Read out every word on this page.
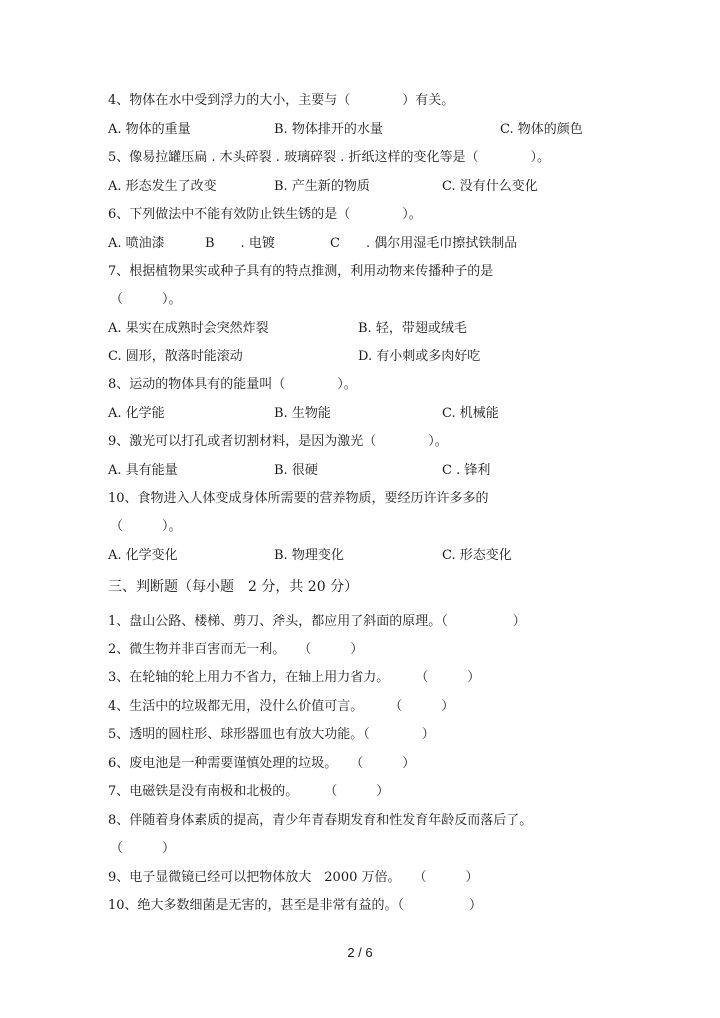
4、物体在水中受到浮力的大小，主要与（　　　　）有关。
A. 物体的重量	B. 物体排开的水量	C. 物体的颜色
5、像易拉罐压扁 . 木头碎裂 . 玻璃碎裂 . 折纸这样的变化等是（　　　　）。
A. 形态发生了改变	B. 产生新的物质	C. 没有什么变化
6、下列做法中不能有效防止铁生锈的是（　　　　）。
A. 喷油漆	B　　. 电镀	C　　. 偶尔用湿毛巾擦拭铁制品
7、根据植物果实或种子具有的特点推测，利用动物来传播种子的是
（　　　）。
A. 果实在成熟时会突然炸裂	B. 轻，带翅或绒毛
C. 圆形，散落时能滚动	D. 有小刺或多肉好吃
8、运动的物体具有的能量叫（　　　　）。
A. 化学能	B. 生物能	C. 机械能
9、激光可以打孔或者切割材料，是因为激光（　　　　）。
A. 具有能量	B. 很硬	C . 锋利
10、食物进入人体变成身体所需要的营养物质，要经历许许多多的
（　　　）。
A. 化学变化	B. 物理变化	C. 形态变化
三、判断题（每小题　2 分，共 20 分）
1、盘山公路、楼梯、剪刀、斧头，都应用了斜面的原理。（　　　　　）
2、微生物并非百害而无一利。　　（　　　）
3、在轮轴的轮上用力不省力，在轴上用力省力。　　　（　　　）
4、生活中的垃圾都无用，没什么价值可言。　　　（　　　）
5、透明的圆柱形、球形器皿也有放大功能。（　　　　）
6、废电池是一种需要谨慎处理的垃圾。　　（　　　）
7、电磁铁是没有南极和北极的。　　　（　　　）
8、伴随着身体素质的提高，青少年青春期发育和性发育年龄反而落后了。
（　　　）
9、电子显微镜已经可以把物体放大　2000 万倍。　　（　　　）
10、绝大多数细菌是无害的，甚至是非常有益的。（　　　　　）
2 / 6
